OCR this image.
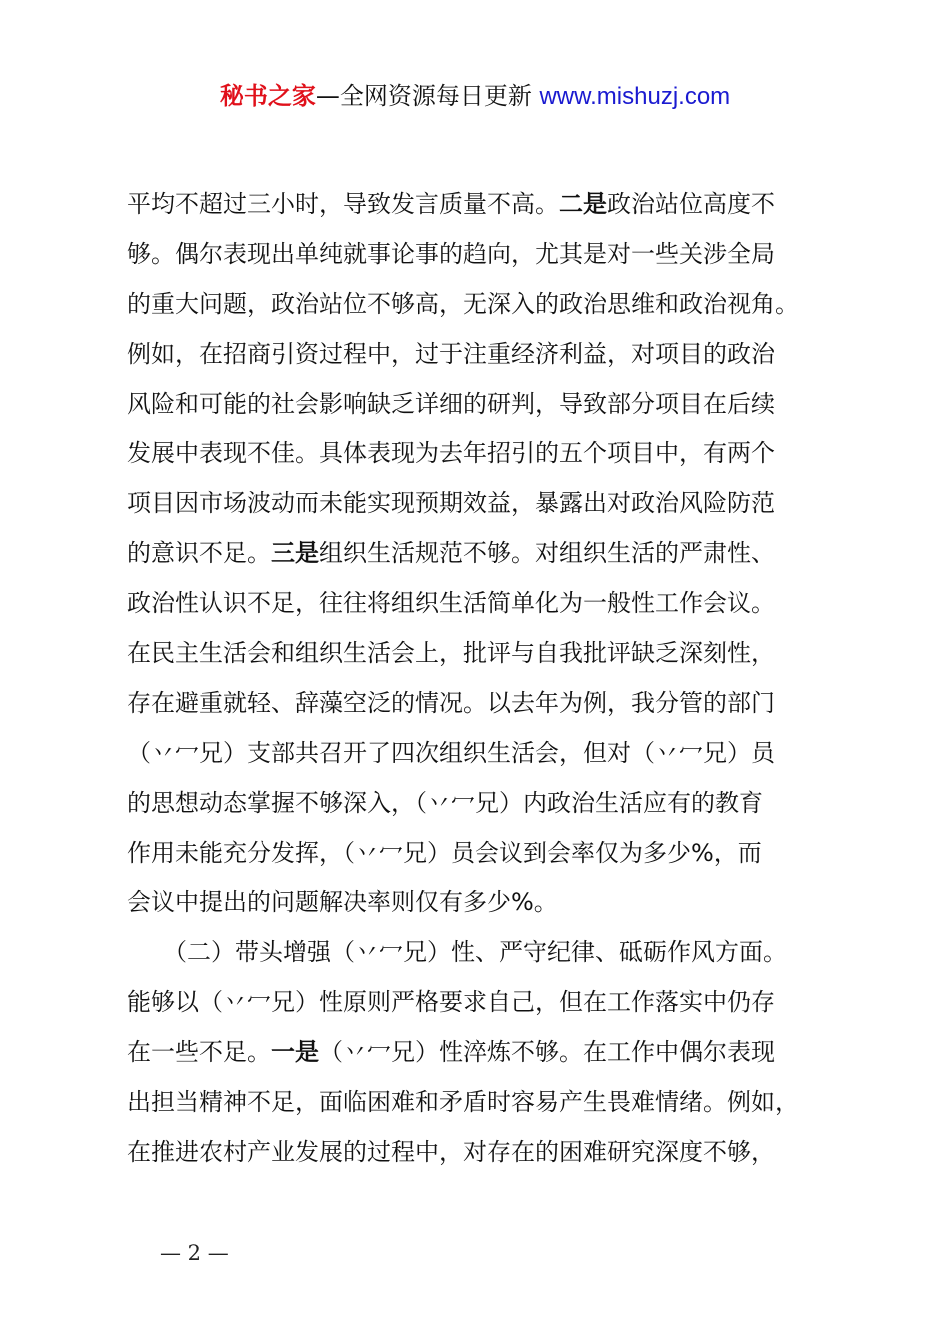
秘书之家—全网资源每日更新 www.mishuzj.com
平均不超过三小时，导致发言质量不高。二是政治站位高度不
够。偶尔表现出单纯就事论事的趋向，尤其是对一些关涉全局
的重大问题，政治站位不够高，无深入的政治思维和政治视角。
例如，在招商引资过程中，过于注重经济利益，对项目的政治
风险和可能的社会影响缺乏详细的研判，导致部分项目在后续
发展中表现不佳。具体表现为去年招引的五个项目中，有两个
项目因市场波动而未能实现预期效益，暴露出对政治风险防范
的意识不足。三是组织生活规范不够。对组织生活的严肃性、
政治性认识不足，往往将组织生活简单化为一般性工作会议。
在民主生活会和组织生活会上，批评与自我批评缺乏深刻性，
存在避重就轻、辞藻空泛的情况。以去年为例，我分管的部门
（丷冖兄）支部共召开了四次组织生活会，但对（丷冖兄）员
的思想动态掌握不够深入，（丷冖兄）内政治生活应有的教育
作用未能充分发挥，（丷冖兄）员会议到会率仅为多少%，而
会议中提出的问题解决率则仅有多少%。
　　（二）带头增强（丷冖兄）性、严守纪律、砥砺作风方面。
能够以（丷冖兄）性原则严格要求自己，但在工作落实中仍存
在一些不足。一是（丷冖兄）性淬炼不够。在工作中偶尔表现
出担当精神不足，面临困难和矛盾时容易产生畏难情绪。例如，
在推进农村产业发展的过程中，对存在的困难研究深度不够，
— 2 —
